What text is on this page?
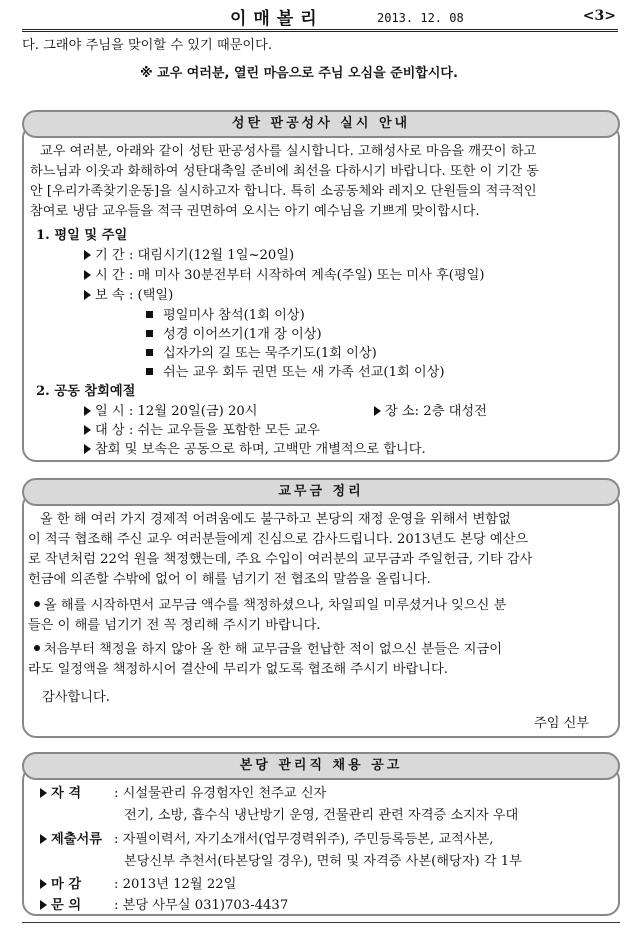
이매볼리	2013. 12. 08	<3>
다. 그래야 주님을 맞이할 수 있기 때문이다.
※ 교우 여러분, 열린 마음으로 주님 오심을 준비합시다.
성탄 판공성사 실시 안내
교우 여러분, 아래와 같이 성탄 판공성사를 실시합니다. 고해성사로 마음을 깨끗이 하고
하느님과 이웃과 화해하여 성탄대축일 준비에 최선을 다하시기 바랍니다. 또한 이 기간 동
안 [우리가족찾기운동]을 실시하고자 합니다. 특히 소공동체와 레지오 단원들의 적극적인
참여로 냉담 교우들을 적극 권면하여 오시는 아기 예수님을 기쁘게 맞이합시다.
1. 평일 및 주일
기 간 : 대림시기(12월 1일~20일)
시 간 : 매 미사 30분전부터 시작하여 계속(주일) 또는 미사 후(평일)
보 속 : (택일)
평일미사 참석(1회 이상)
성경 이어쓰기(1개 장 이상)
십자가의 길 또는 묵주기도(1회 이상)
쉬는 교우 회두 권면 또는 새 가족 선교(1회 이상)
2. 공동 참회예절
일 시 : 12월 20일(금) 20시	장 소: 2층 대성전
대 상 : 쉬는 교우들을 포함한 모든 교우
참회 및 보속은 공동으로 하며, 고백만 개별적으로 합니다.
교무금 정리
올 한 해 여러 가지 경제적 어려움에도 불구하고 본당의 재정 운영을 위해서 변함없
이 적극 협조해 주신 교우 여러분들에게 진심으로 감사드립니다. 2013년도 본당 예산으
로 작년처럼 22억 원을 책정했는데, 주요 수입이 여러분의 교무금과 주일헌금, 기타 감사
헌금에 의존할 수밖에 없어 이 해를 넘기기 전 협조의 말씀을 올립니다.
올 해를 시작하면서 교무금 액수를 책정하셨으나, 차일피일 미루셨거나 잊으신 분
들은 이 해를 넘기기 전 꼭 정리해 주시기 바랍니다.
처음부터 책정을 하지 않아 올 한 해 교무금을 헌납한 적이 없으신 분들은 지금이
라도 일정액을 책정하시어 결산에 무리가 없도록 협조해 주시기 바랍니다.
감사합니다.
주임 신부
본당 관리직 채용 공고
자 격 : 시설물관리 유경험자인 천주교 신자
전기, 소방, 흡수식 냉난방기 운영, 건물관리 관련 자격증 소지자 우대
제출서류 : 자필이력서, 자기소개서(업무경력위주), 주민등록등본, 교적사본,
본당신부 추천서(타본당일 경우), 면허 및 자격증 사본(해당자) 각 1부
마 감 : 2013년 12월 22일
문 의 : 본당 사무실 031)703-4437
